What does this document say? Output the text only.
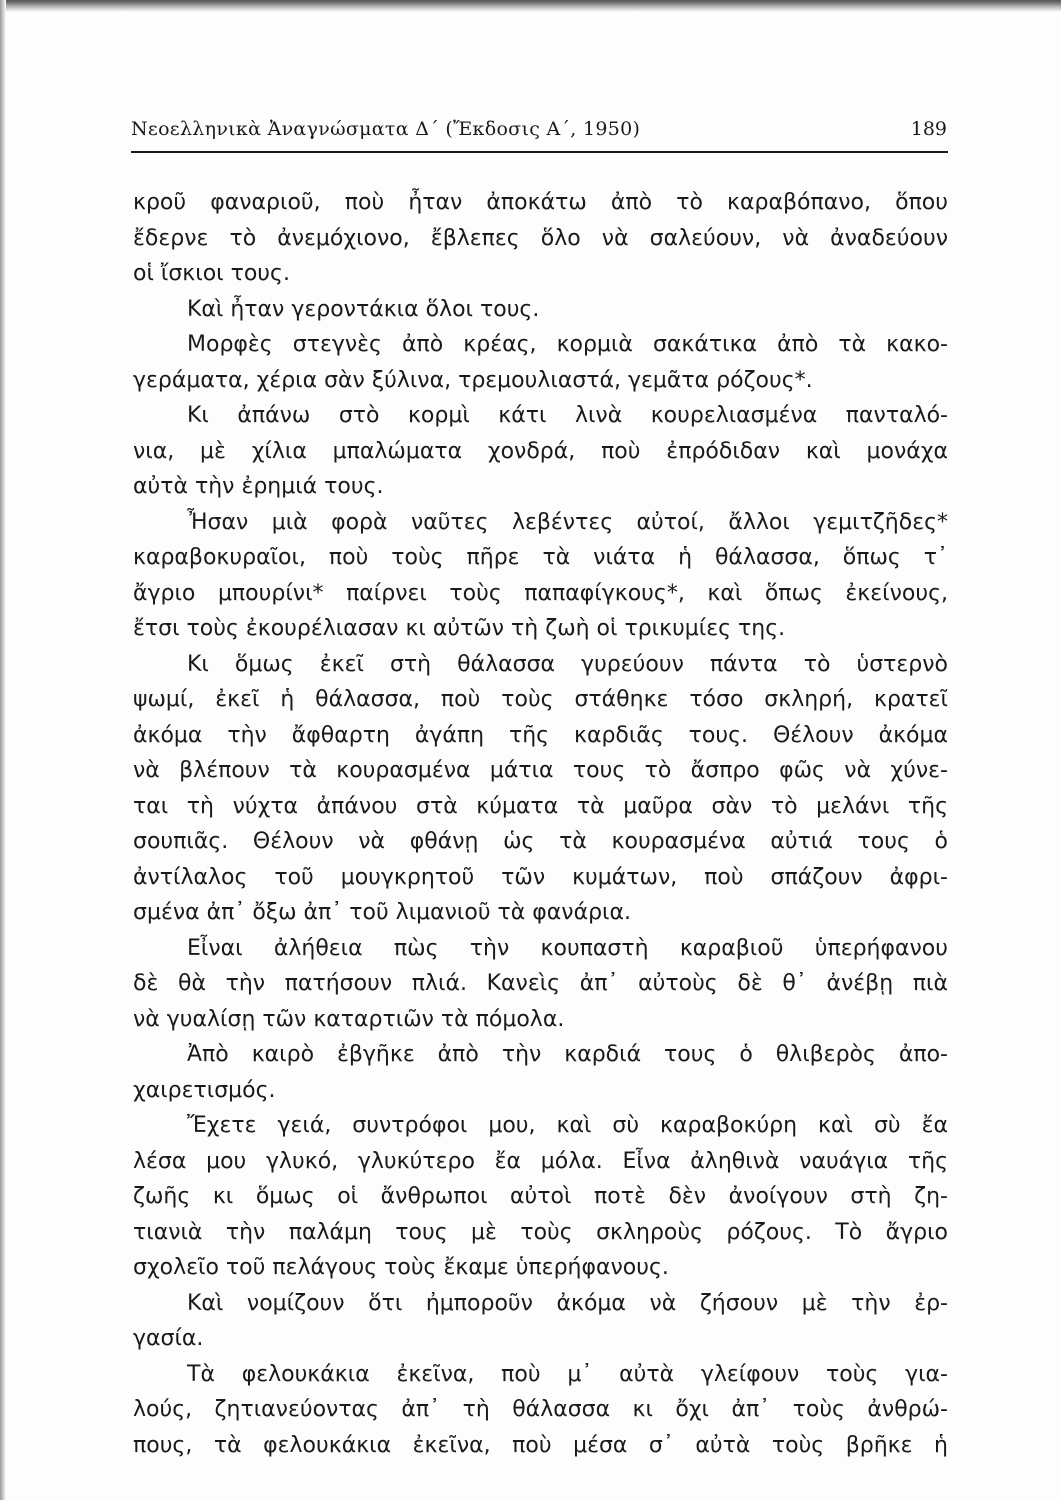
Νεοελληνικὰ Ἀναγνώσματα Δ΄ (Ἔκδοσις Α΄, 1950)	189
κροῦ φαναριοῦ, ποὺ ἦταν ἀποκάτω ἀπὸ τὸ καραβόπανο, ὅπου
ἔδερνε τὸ ἀνεμόχιονο, ἔβλεπες ὅλο νὰ σαλεύουν, νὰ ἀναδεύουν
οἱ ἴσκιοι τους.
Καὶ ἦταν γεροντάκια ὅλοι τους.
Μορφὲς στεγνὲς ἀπὸ κρέας, κορμιὰ σακάτικα ἀπὸ τὰ κακο-
γεράματα, χέρια σὰν ξύλινα, τρεμουλιαστά, γεμᾶτα ρόζους*.
Κι ἀπάνω στὸ κορμὶ κάτι λινὰ κουρελιασμένα πανταλό-
νια, μὲ χίλια μπαλώματα χονδρά, ποὺ ἐπρόδιδαν καὶ μονάχα
αὐτὰ τὴν ἐρημιά τους.
Ἦσαν μιὰ φορὰ ναῦτες λεβέντες αὐτοί, ἄλλοι γεμιτζῆδες*
καραβοκυραῖοι, ποὺ τοὺς πῆρε τὰ νιάτα ἡ θάλασσα, ὅπως τ᾽
ἄγριο μπουρίνι* παίρνει τοὺς παπαφίγκους*, καὶ ὅπως ἐκείνους,
ἔτσι τοὺς ἐκουρέλιασαν κι αὐτῶν τὴ ζωὴ οἱ τρικυμίες της.
Κι ὅμως ἐκεῖ στὴ θάλασσα γυρεύουν πάντα τὸ ὑστερνὸ
ψωμί, ἐκεῖ ἡ θάλασσα, ποὺ τοὺς στάθηκε τόσο σκληρή, κρατεῖ
ἀκόμα τὴν ἄφθαρτη ἀγάπη τῆς καρδιᾶς τους. Θέλουν ἀκόμα
νὰ βλέπουν τὰ κουρασμένα μάτια τους τὸ ἄσπρο φῶς νὰ χύνε-
ται τὴ νύχτα ἀπάνου στὰ κύματα τὰ μαῦρα σὰν τὸ μελάνι τῆς
σουπιᾶς. Θέλουν νὰ φθάνῃ ὡς τὰ κουρασμένα αὐτιά τους ὁ
ἀντίλαλος τοῦ μουγκρητοῦ τῶν κυμάτων, ποὺ σπάζουν ἀφρι-
σμένα ἀπ᾽ ὄξω ἀπ᾽ τοῦ λιμανιοῦ τὰ φανάρια.
Εἶναι ἀλήθεια πὼς τὴν κουπαστὴ καραβιοῦ ὑπερήφανου
δὲ θὰ τὴν πατήσουν πλιά. Κανεὶς ἀπ᾽ αὐτοὺς δὲ θ᾽ ἀνέβῃ πιὰ
νὰ γυαλίσῃ τῶν καταρτιῶν τὰ πόμολα.
Ἀπὸ καιρὸ ἐβγῆκε ἀπὸ τὴν καρδιά τους ὁ θλιβερὸς ἀπο-
χαιρετισμός.
Ἔχετε γειά, συντρόφοι μου, καὶ σὺ καραβοκύρη καὶ σὺ ἔα
λέσα μου γλυκό, γλυκύτερο ἔα μόλα. Εἶνα ἀληθινὰ ναυάγια τῆς
ζωῆς κι ὅμως οἱ ἄνθρωποι αὐτοὶ ποτὲ δὲν ἀνοίγουν στὴ ζη-
τιανιὰ τὴν παλάμη τους μὲ τοὺς σκληροὺς ρόζους. Τὸ ἄγριο
σχολεῖο τοῦ πελάγους τοὺς ἔκαμε ὑπερήφανους.
Καὶ νομίζουν ὅτι ἠμποροῦν ἀκόμα νὰ ζήσουν μὲ τὴν ἐρ-
γασία.
Τὰ φελουκάκια ἐκεῖνα, ποὺ μ᾽ αὐτὰ γλείφουν τοὺς για-
λούς, ζητιανεύοντας ἀπ᾽ τὴ θάλασσα κι ὄχι ἀπ᾽ τοὺς ἀνθρώ-
πους, τὰ φελουκάκια ἐκεῖνα, ποὺ μέσα σ᾽ αὐτὰ τοὺς βρῆκε ἡ
